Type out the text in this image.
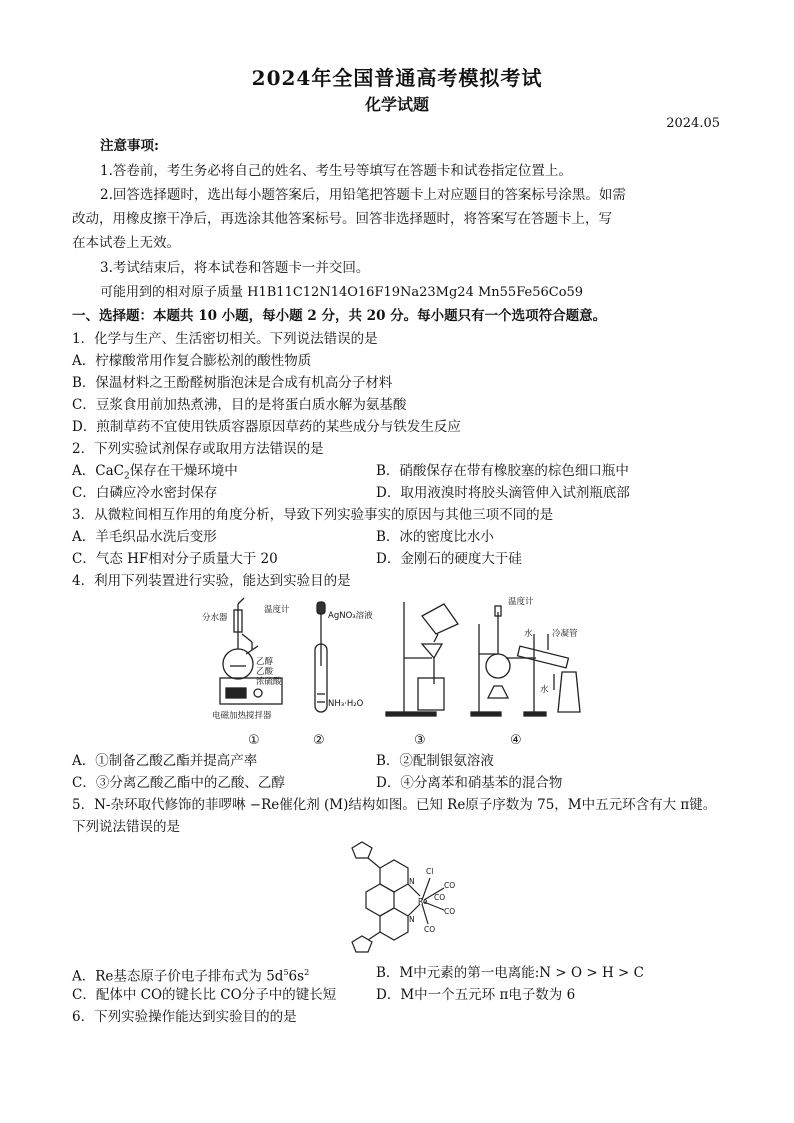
2024年全国普通高考模拟考试
化学试题
2024.05
注意事项:
1.答卷前，考生务必将自己的姓名、考生号等填写在答题卡和试卷指定位置上。
2.回答选择题时，选出每小题答案后，用铅笔把答题卡上对应题目的答案标号涂黑。如需
改动，用橡皮擦干净后，再选涂其他答案标号。回答非选择题时，将答案写在答题卡上，写
在本试卷上无效。
3.考试结束后，将本试卷和答题卡一并交回。
可能用到的相对原子质量 H1B11C12N14O16F19Na23Mg24 Mn55Fe56Co59
一、选择题：本题共 10 小题，每小题 2 分，共 20 分。每小题只有一个选项符合题意。
1．化学与生产、生活密切相关。下列说法错误的是
A．柠檬酸常用作复合膨松剂的酸性物质
B．保温材料之王酚醛树脂泡沫是合成有机高分子材料
C．豆浆食用前加热煮沸，目的是将蛋白质水解为氨基酸
D．煎制草药不宜使用铁质容器原因草药的某些成分与铁发生反应
2．下列实验试剂保存或取用方法错误的是
A．CaC$_2$保存在干燥环境中	B．硝酸保存在带有橡胶塞的棕色细口瓶中
C．白磷应冷水密封保存	D．取用液溴时将胶头滴管伸入试剂瓶底部
3．从微粒间相互作用的角度分析，导致下列实验事实的原因与其他三项不同的是
A．羊毛织品水洗后变形	B．冰的密度比水小
C．气态 HF相对分子质量大于 20	D．金刚石的硬度大于硅
4．利用下列装置进行实验，能达到实验目的是
分水器
温度计
乙醇
乙酸
浓硫酸
电磁加热搅拌器
AgNO₃溶液
NH₃·H₂O
温度计
水 冷凝管
水
①	②	③	④
A．①制备乙酸乙酯并提高产率	B．②配制银氨溶液
C．③分离乙酸乙酯中的乙酸、乙醇	D．④分离苯和硝基苯的混合物
5．N-杂环取代修饰的菲啰啉 −Re催化剂 (M)结构如图。已知 Re原子序数为 75，M中五元环含有大 π键。
下列说法错误的是
N
N
Re
Cl
CO
CO
CO
CO
A．Re基态原子价电子排布式为 $5d^56s^2$	B．M中元素的第一电离能:N > O > H > C
C．配体中 CO的键长比 CO分子中的键长短	D．M中一个五元环 π电子数为 6
6．下列实验操作能达到实验目的的是
